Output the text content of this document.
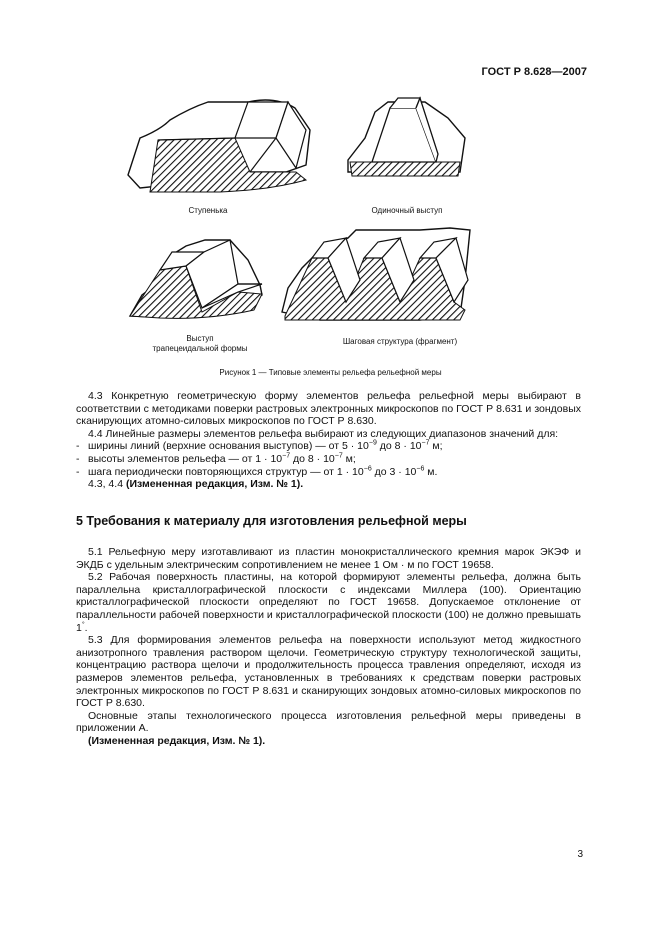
ГОСТ Р 8.628—2007
Ступенька	Одиночный выступ
Выступ
трапецеидальной формы
Шаговая структура (фрагмент)
Рисунок 1 — Типовые элементы рельефа рельефной меры

4.3 Конкретную геометрическую форму элементов рельефа рельефной меры выбирают в соответствии с методиками поверки растровых электронных микроскопов по ГОСТ Р 8.631 и зондовых сканирующих атомно-силовых микроскопов по ГОСТ Р 8.630.

4.4 Линейные размеры элементов рельефа выбирают из следующих диапазонов значений для:

- ширины линий (верхние основания выступов) — от $5 \cdot 10^{-9}$ до $8 \cdot 10^{-7}$ м;

- высоты элементов рельефа — от $1 \cdot 10^{-7}$ до $8 \cdot 10^{-7}$ м;

- шага периодически повторяющихся структур — от $1 \cdot 10^{-6}$ до $3 \cdot 10^{-6}$ м.

4.3, 4.4 (Измененная редакция, Изм. № 1).

5 Требования к материалу для изготовления рельефной меры

5.1 Рельефную меру изготавливают из пластин монокристаллического кремния марок ЭКЭФ и ЭКДБ с удельным электрическим сопротивлением не менее 1 Ом · м по ГОСТ 19658.

5.2 Рабочая поверхность пластины, на которой формируют элементы рельефа, должна быть параллельна кристаллографической плоскости с индексами Миллера (100). Ориентацию кристаллографической плоскости определяют по ГОСТ 19658. Допускаемое отклонение от параллельности рабочей поверхности и кристаллографической плоскости (100) не должно превышать 1°.

5.3 Для формирования элементов рельефа на поверхности используют метод жидкостного анизотропного травления раствором щелочи. Геометрическую структуру технологической защиты, концентрацию раствора щелочи и продолжительность процесса травления определяют, исходя из размеров элементов рельефа, установленных в требованиях к средствам поверки растровых электронных микроскопов по ГОСТ Р 8.631 и сканирующих зондовых атомно-силовых микроскопов по ГОСТ Р 8.630.

Основные этапы технологического процесса изготовления рельефной меры приведены в приложении А.

(Измененная редакция, Изм. № 1).

3
